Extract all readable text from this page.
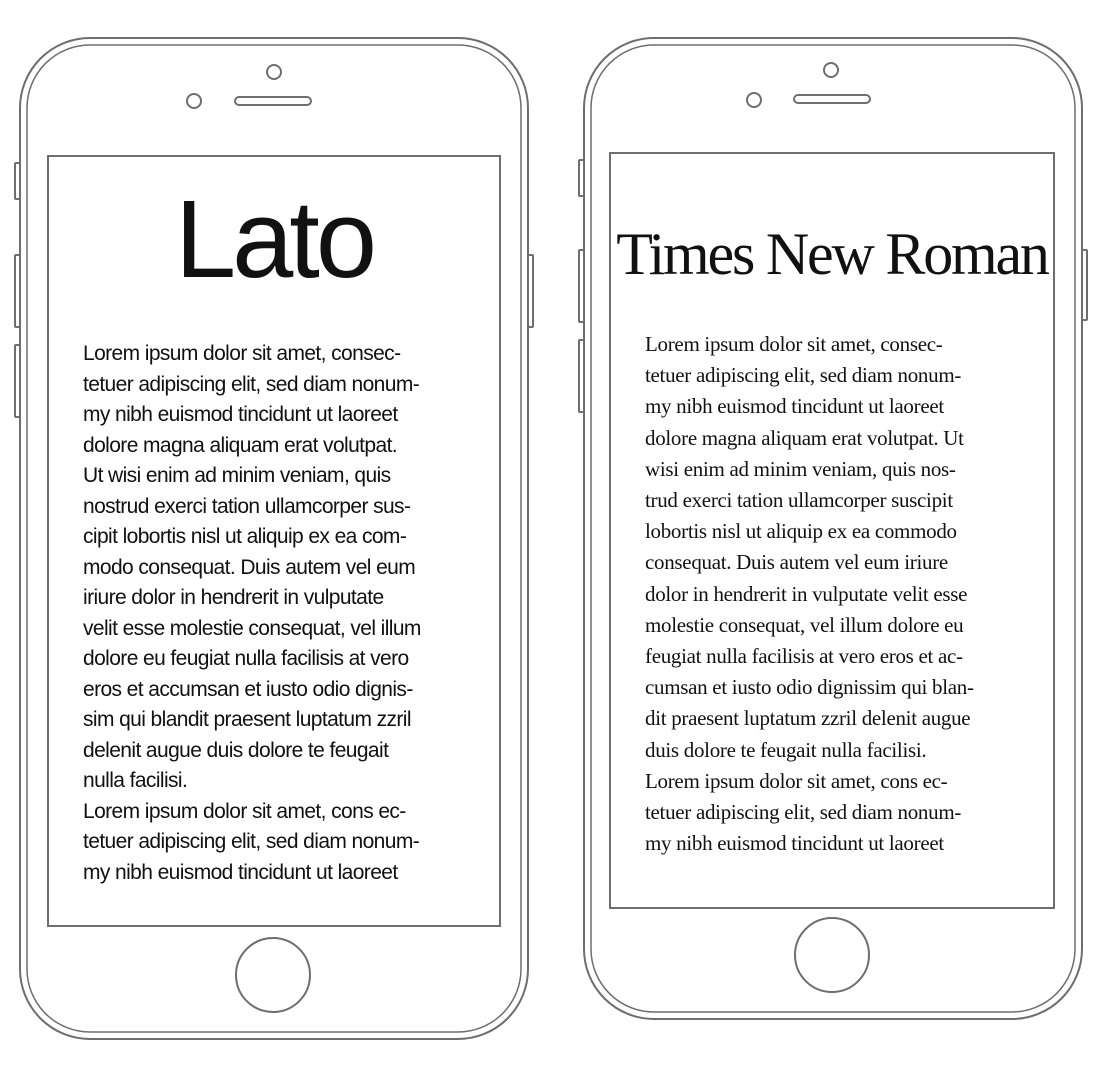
Lato
Lorem ipsum dolor sit amet, consec-
tetuer adipiscing elit, sed diam nonum-
my nibh euismod tincidunt ut laoreet
dolore magna aliquam erat volutpat.
Ut wisi enim ad minim veniam, quis
nostrud exerci tation ullamcorper sus-
cipit lobortis nisl ut aliquip ex ea com-
modo consequat. Duis autem vel eum
iriure dolor in hendrerit in vulputate
velit esse molestie consequat, vel illum
dolore eu feugiat nulla facilisis at vero
eros et accumsan et iusto odio dignis-
sim qui blandit praesent luptatum zzril
delenit augue duis dolore te feugait
nulla facilisi.
Lorem ipsum dolor sit amet, cons ec-
tetuer adipiscing elit, sed diam nonum-
my nibh euismod tincidunt ut laoreet
Times New Roman
Lorem ipsum dolor sit amet, consec-
tetuer adipiscing elit, sed diam nonum-
my nibh euismod tincidunt ut laoreet
dolore magna aliquam erat volutpat. Ut
wisi enim ad minim veniam, quis nos-
trud exerci tation ullamcorper suscipit
lobortis nisl ut aliquip ex ea commodo
consequat. Duis autem vel eum iriure
dolor in hendrerit in vulputate velit esse
molestie consequat, vel illum dolore eu
feugiat nulla facilisis at vero eros et ac-
cumsan et iusto odio dignissim qui blan-
dit praesent luptatum zzril delenit augue
duis dolore te feugait nulla facilisi.
Lorem ipsum dolor sit amet, cons ec-
tetuer adipiscing elit, sed diam nonum-
my nibh euismod tincidunt ut laoreet
